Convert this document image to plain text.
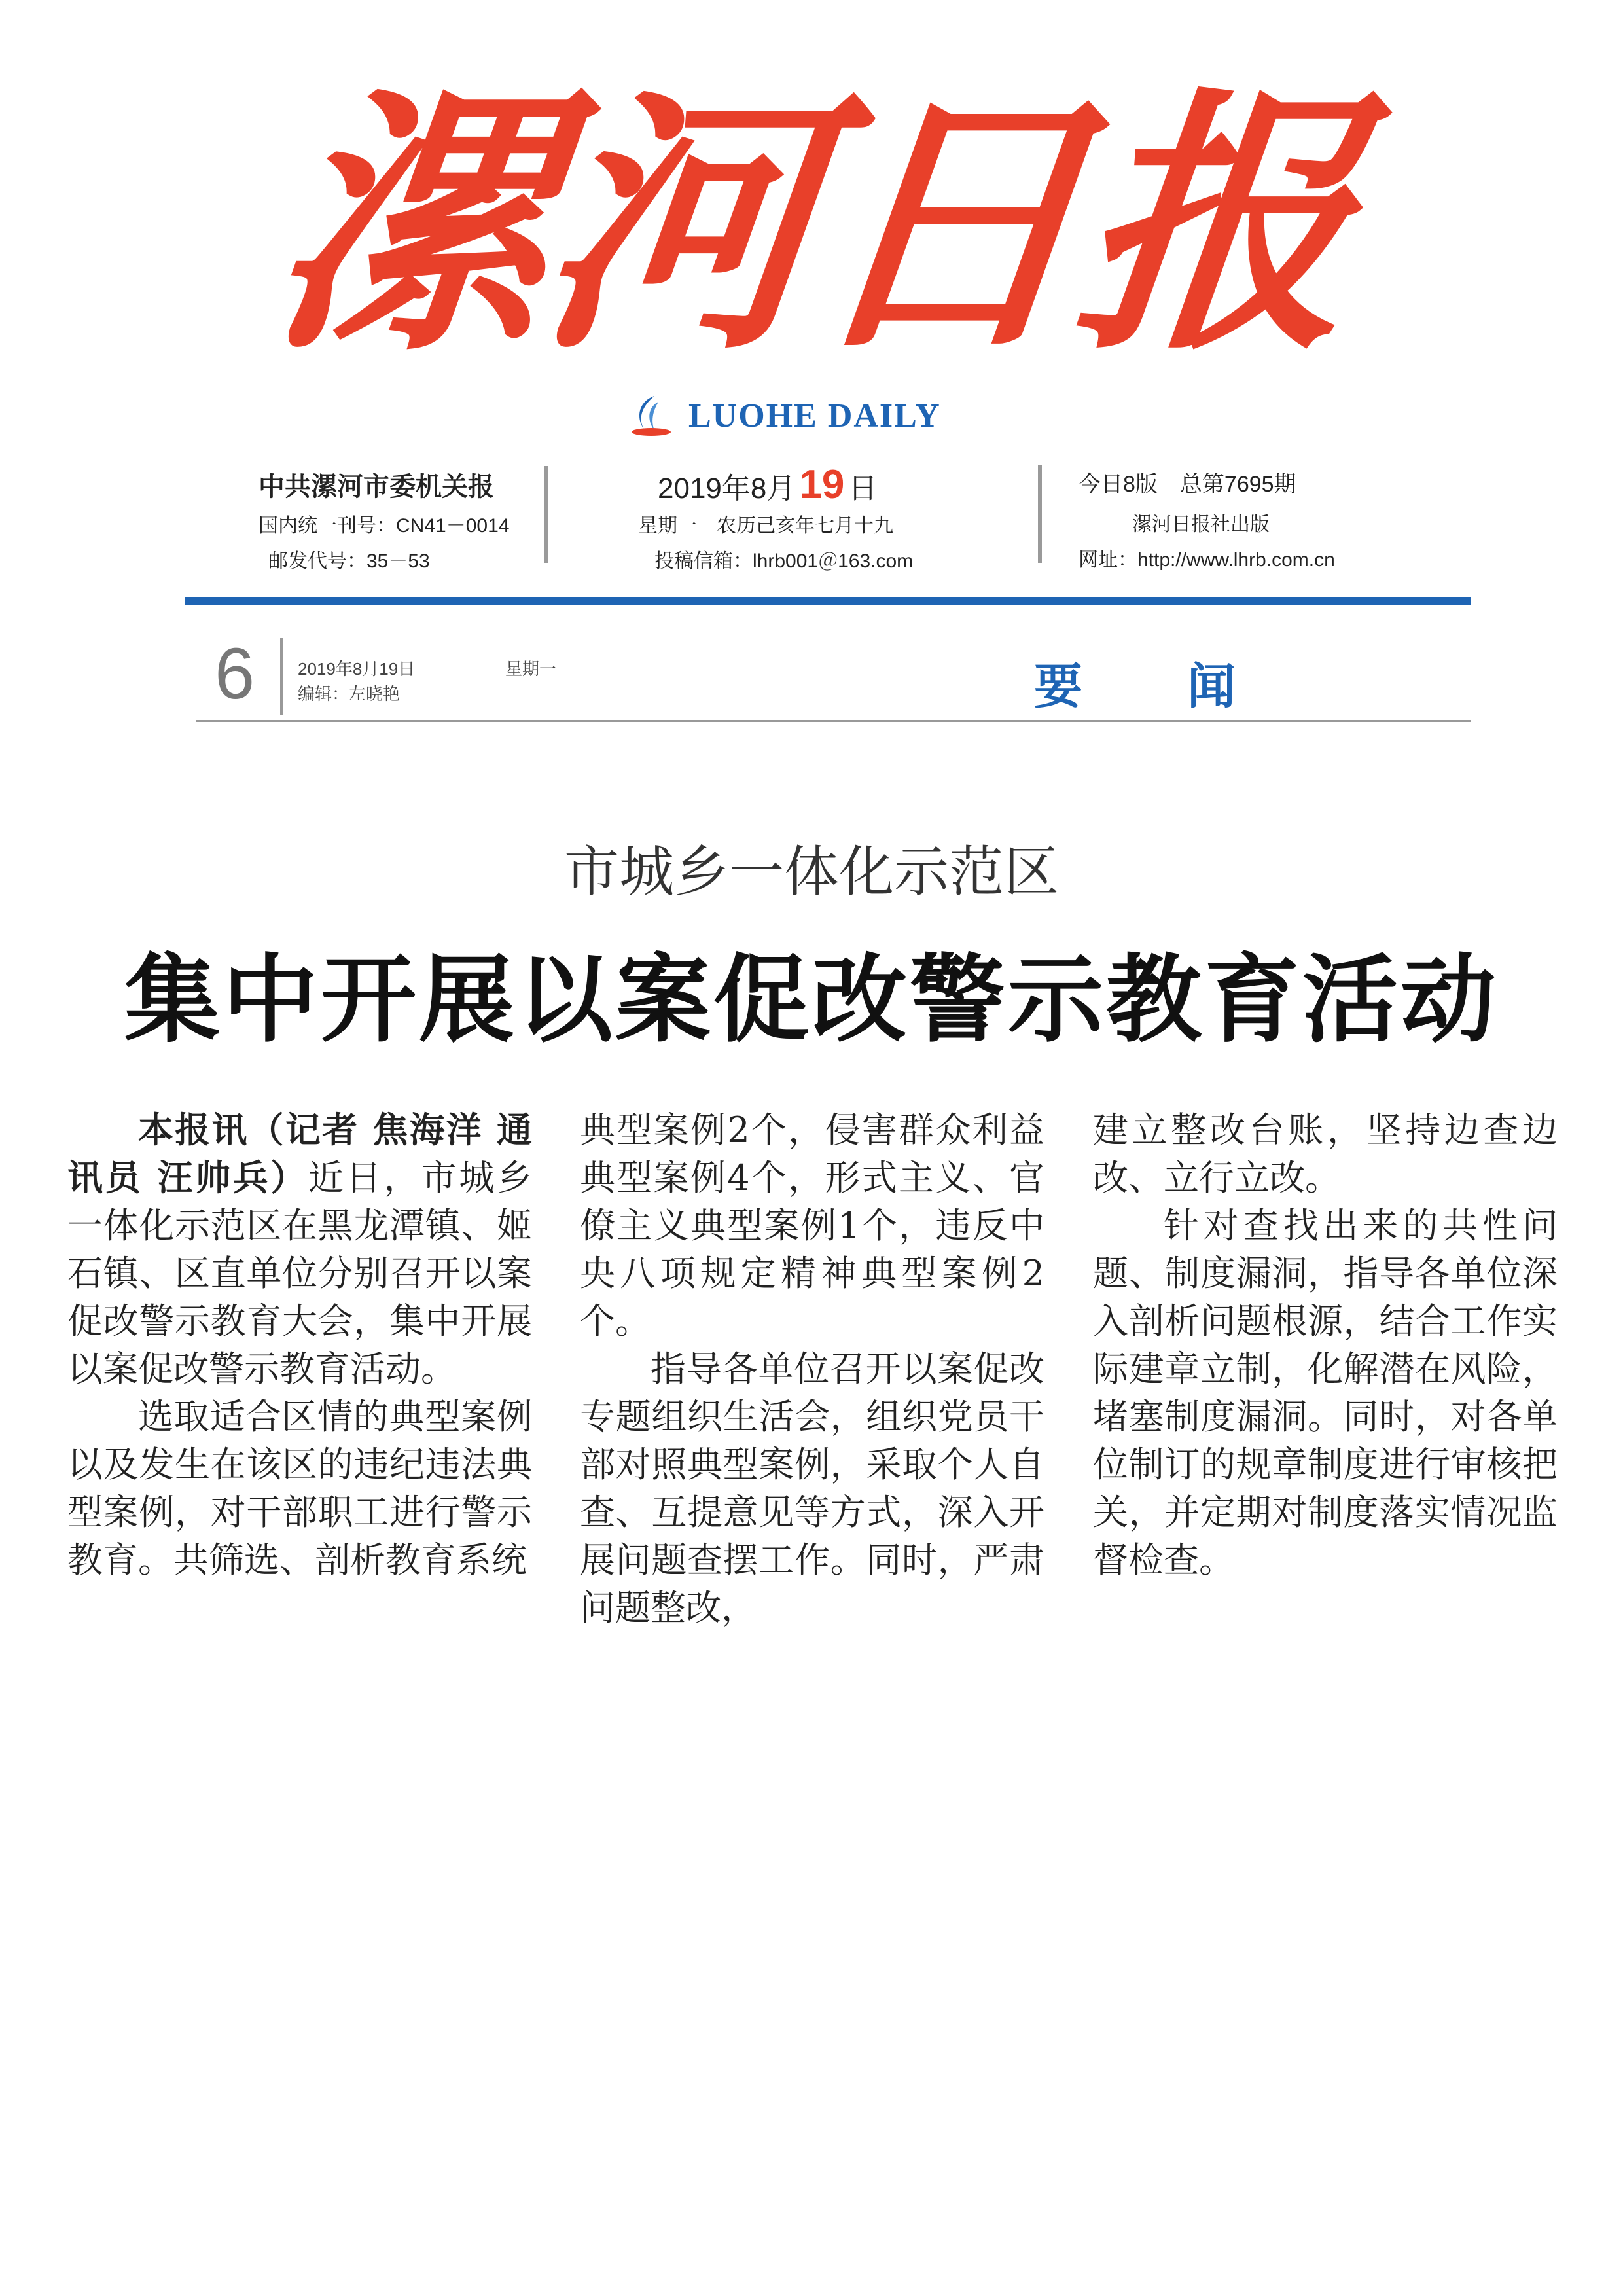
漯
河
日
报
LUOHE DAILY
中共漯河市委机关报
国内统一刊号：CN41－0014
邮发代号：35－53
2019年8月 19 日
星期一　农历己亥年七月十九
投稿信箱：lhrb001＠163.com
今日8版　总第7695期
漯河日报社出版
网址：http://www.lhrb.com.cn
6	2019年8月19日	星期一
编辑：左晓艳	要闻
市城乡一体化示范区
集中开展以案促改警示教育活动

本报讯（记者 焦海洋 通讯员 汪帅兵）近日，市城乡一体化示范区在黑龙潭镇、姬石镇、区直单位分别召开以案促改警示教育大会，集中开展以案促改警示教育活动。

选取适合区情的典型案例以及发生在该区的违纪违法典型案例，对干部职工进行警示教育。共筛选、剖析教育系统

典型案例2个，侵害群众利益典型案例4个，形式主义、官僚主义典型案例1个，违反中央八项规定精神典型案例2个。

指导各单位召开以案促改专题组织生活会，组织党员干部对照典型案例，采取个人自查、互提意见等方式，深入开展问题查摆工作。同时，严肃问题整改，

建立整改台账，坚持边查边改、立行立改。

针对查找出来的共性问题、制度漏洞，指导各单位深入剖析问题根源，结合工作实际建章立制，化解潜在风险，堵塞制度漏洞。同时，对各单位制订的规章制度进行审核把关，并定期对制度落实情况监督检查。
